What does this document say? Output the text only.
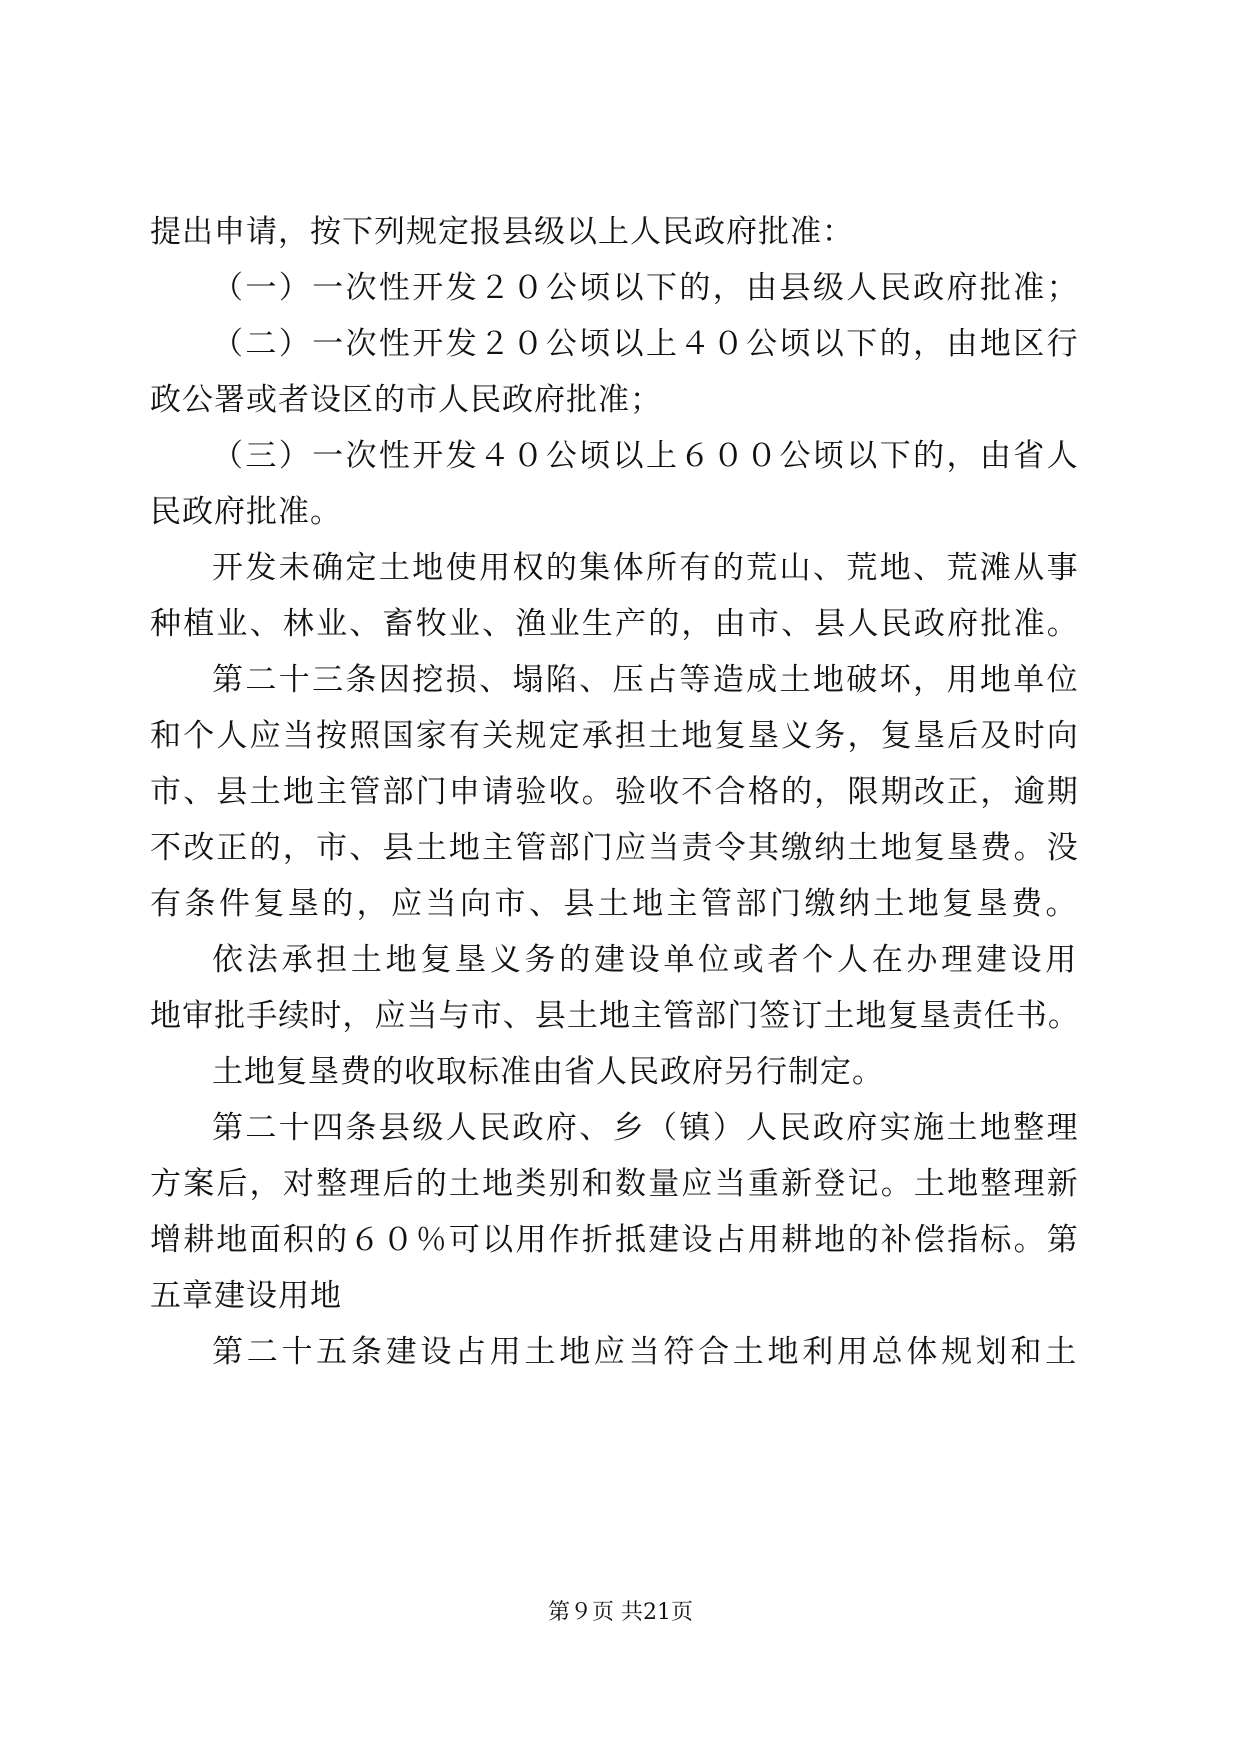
提出申请，按下列规定报县级以上人民政府批准：
（一）一次性开发２０公顷以下的，由县级人民政府批准；
（二）一次性开发２０公顷以上４０公顷以下的，由地区行
政公署或者设区的市人民政府批准；
（三）一次性开发４０公顷以上６００公顷以下的，由省人
民政府批准。
开发未确定土地使用权的集体所有的荒山、荒地、荒滩从事
种植业、林业、畜牧业、渔业生产的，由市、县人民政府批准。
第二十三条因挖损、塌陷、压占等造成土地破坏，用地单位
和个人应当按照国家有关规定承担土地复垦义务，复垦后及时向
市、县土地主管部门申请验收。验收不合格的，限期改正，逾期
不改正的，市、县土地主管部门应当责令其缴纳土地复垦费。没
有条件复垦的，应当向市、县土地主管部门缴纳土地复垦费。
依法承担土地复垦义务的建设单位或者个人在办理建设用
地审批手续时，应当与市、县土地主管部门签订土地复垦责任书。
土地复垦费的收取标准由省人民政府另行制定。
第二十四条县级人民政府、乡（镇）人民政府实施土地整理
方案后，对整理后的土地类别和数量应当重新登记。土地整理新
增耕地面积的６０％可以用作折抵建设占用耕地的补偿指标。第
五章建设用地
第二十五条建设占用土地应当符合土地利用总体规划和土
第９页 共21页
